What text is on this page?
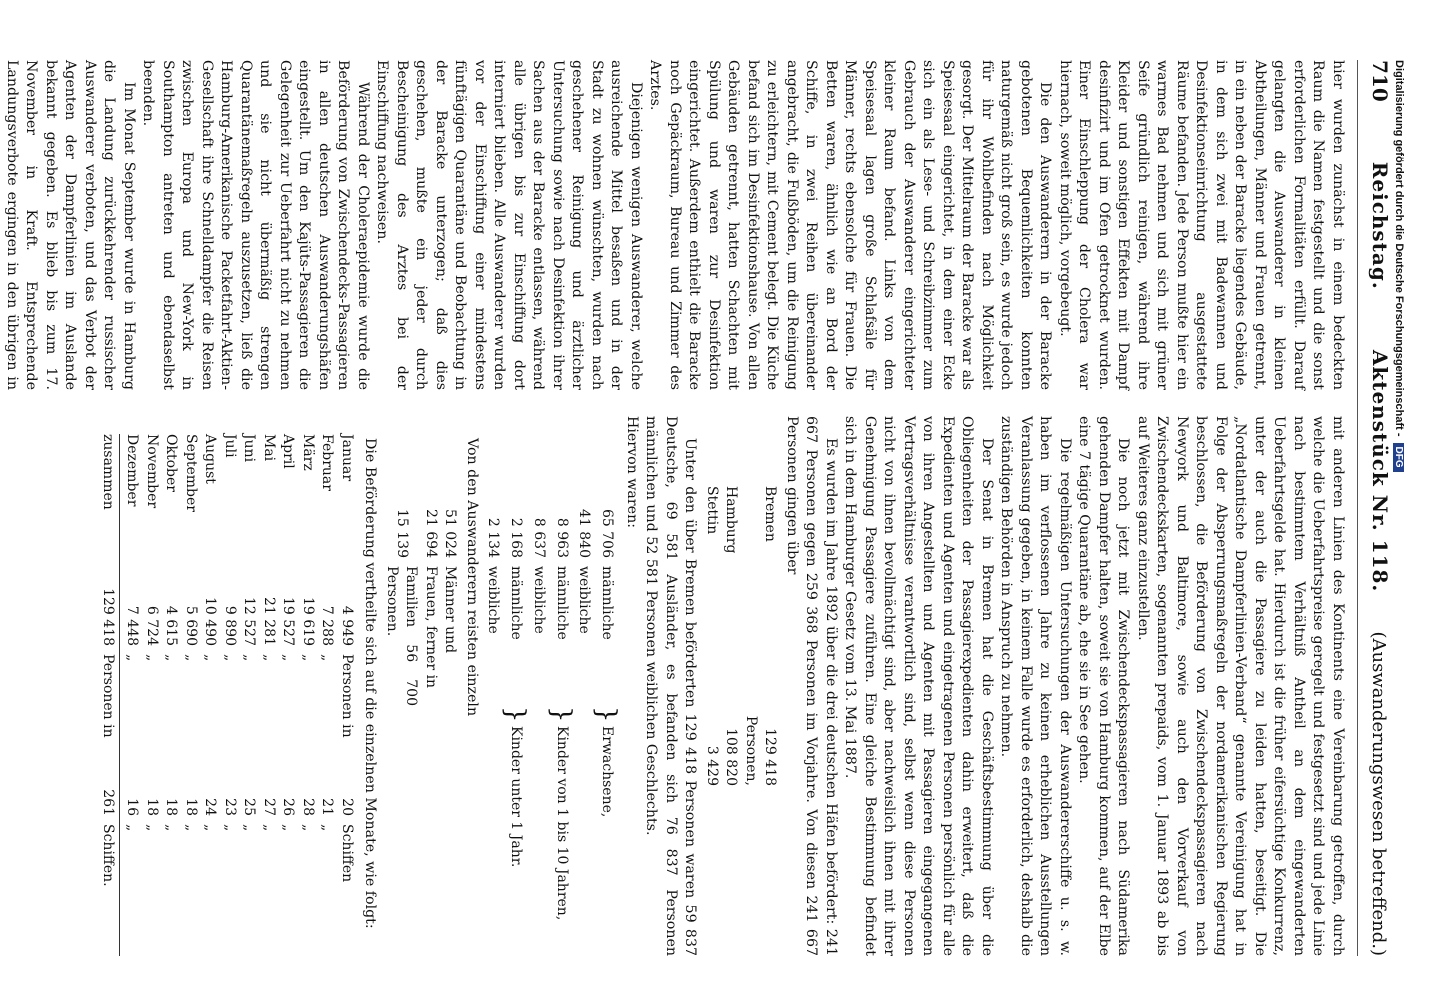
710
Reichstag.
Aktenstück Nr. 118.
(Auswanderungswesen betreffend.)

hier wurden zunächst in einem bedeckten Raum die Namen festgestellt und die sonst erforderlichen Formalitäten erfüllt. Darauf gelangten die Auswanderer in kleinen Abtheilungen, Männer und Frauen getrennt, in ein neben der Baracke liegendes Gebäude, in dem sich zwei mit Badewannen und Desinfektionseinrichtung ausgestattete Räume befanden. Jede Person mußte hier ein warmes Bad nehmen und sich mit grüner Seife gründlich reinigen, während ihre Kleider und sonstigen Effekten mit Dampf desinfizirt und im Ofen getrocknet wurden. Einer Einschleppung der Cholera war hiernach, soweit möglich, vorgebeugt.

Die den Auswanderern in der Baracke gebotenen Bequemlichkeiten konnten naturgemäß nicht groß sein, es wurde jedoch für ihr Wohlbefinden nach Möglichkeit gesorgt. Der Mittelraum der Baracke war als Speisesaal eingerichtet, in dem einer Ecke sich ein als Lese- und Schreibzimmer zum Gebrauch der Auswanderer eingerichteter kleiner Raum befand. Links von dem Speisesaal lagen große Schlafsäle für Männer, rechts ebensolche für Frauen. Die Betten waren, ähnlich wie an Bord der Schiffe, in zwei Reihen übereinander angebracht, die Fußböden, um die Reinigung zu erleichtern, mit Cement belegt. Die Küche befand sich im Desinfektionshause. Von allen Gebäuden getrennt, hatten Schachten mit Spülung und waren zur Desinfektion eingerichtet. Außerdem enthielt die Baracke noch Gepäckraum, Bureau und Zimmer des Arztes.

Diejenigen wenigen Auswanderer, welche ausreichende Mittel besaßen und in der Stadt zu wohnen wünschten, wurden nach geschehener Reinigung und ärztlicher Untersuchung sowie nach Desinfektion ihrer Sachen aus der Baracke entlassen, während alle übrigen bis zur Einschiffung dort interniert blieben. Alle Auswanderer wurden vor der Einschiffung einer mindestens fünftägigen Quarantäne und Beobachtung in der Baracke unterzogen; daß dies geschehen, mußte ein jeder durch Bescheinigung des Arztes bei der Einschiffung nachweisen.

Während der Choleraepidemie wurde die Beförderung von Zwischendecks-Passagieren in allen deutschen Auswanderungshäfen eingestellt. Um den Kajüts-Passagieren die Gelegenheit zur Ueberfahrt nicht zu nehmen und sie nicht übermäßig strengen Quarantänemaßregeln auszusetzen, ließ die Hamburg-Amerikanische Packetfahrt-Aktien-Gesellschaft ihre Schnelldampfer die Reisen zwischen Europa und New-York in Southampton antreten und ebendaselbst beenden.

Im Monat September wurde in Hamburg die Landung zurückkehrender russischer Auswanderer verboten, und das Verbot der Agenten der Dampferlinien im Auslande bekannt gegeben. Es blieb bis zum 17. November in Kraft. Entsprechende Landungsverbote ergingen in den übrigen in

mit anderen Linien des Kontinents eine Vereinbarung getroffen, durch welche die Ueberfahrtspreise geregelt und festgesetzt sind und jede Linie nach bestimmtem Verhältniß Antheil an dem eingewanderten Ueberfahrtsgelde hat. Hierdurch ist die früher eifersüchtige Konkurrenz, unter der auch die Passagiere zu leiden hatten, beseitigt. Die „Nordatlantische Dampferlinien-Verband“ genannte Vereinigung hat in Folge der Absperrungsmaßregeln der nordamerikanischen Regierung beschlossen, die Beförderung von Zwischendeckspassagieren nach Newyork und Baltimore, sowie auch den Vorverkauf von Zwischendeckskarten, sogenannten prepaids, vom 1. Januar 1893 ab bis auf Weiteres ganz einzustellen.

Die noch jetzt mit Zwischendeckspassagieren nach Südamerika gehenden Dampfer halten, soweit sie von Hamburg kommen, auf der Elbe eine 7 tägige Quarantäne ab, ehe sie in See gehen.

Die regelmäßigen Untersuchungen der Auswandererschiffe u. s. w. haben im verflossenen Jahre zu keinen erheblichen Ausstellungen Veranlassung gegeben, in keinem Falle wurde es erforderlich, deshalb die zuständigen Behörden in Anspruch zu nehmen.

Der Senat in Bremen hat die Geschäftsbestimmung über die Obliegenheiten der Passagierexpedienten dahin erweitert, daß die Expedienten und Agenten und eingetragenen Personen persönlich für alle von ihren Angestellten und Agenten mit Passagieren eingegangenen Vertragsverhältnisse verantwortlich sind, selbst wenn diese Personen nicht von ihnen bevollmächtigt sind, aber nachweislich ihnen mit ihrer Genehmigung Passagiere zuführen. Eine gleiche Bestimmung befindet sich in dem Hamburger Gesetz vom 13. Mai 1887.

Es wurden im Jahre 1892 über die drei deutschen Häfen befördert: 241 667 Personen gegen 259 368 Personen im Vorjahre. Von diesen 241 667 Personen gingen über

Bremen
129 418 Personen,
Hamburg
108 820
Stettin
3 429

Unter den über Bremen beförderten 129 418 Personen waren 59 837 Deutsche, 69 581 Ausländer, es befanden sich 76 837 Personen männlichen und 52 581 Personen weiblichen Geschlechts.

Hiervon waren:

65 706
männliche
}
Erwachsene,
41 840
weibliche
8 963
männliche
}
Kinder von 1 bis 10 Jahren,
8 637
weibliche
2 168
männliche
}
Kinder unter 1 Jahr.
2 134
weibliche

Von den Auswanderern reisten einzeln

51 024
Männer und
21 694
Frauen, ferner in
15 139
Familien 56 700 Personen.

Die Beförderung vertheilte sich auf die einzelnen Monate, wie folgt:

Januar
4 949
Personen in
20
Schiffen
Februar
7 288
„
21
„
März
19 619
„
28
„
April
19 527
„
26
„
Mai
21 281
„
27
„
Juni
12 527
„
25
„
Juli
9 890
„
23
„
August
10 490
„
24
„
September
5 690
„
18
„
Oktober
4 615
„
18
„
November
6 724
„
18
„
Dezember
7 448
„
16
„
zusammen
129 418
Personen in
261
Schiffen.
Digitalisierung gefördert durch die Deutsche Forschungsgemeinschaft -DFG
